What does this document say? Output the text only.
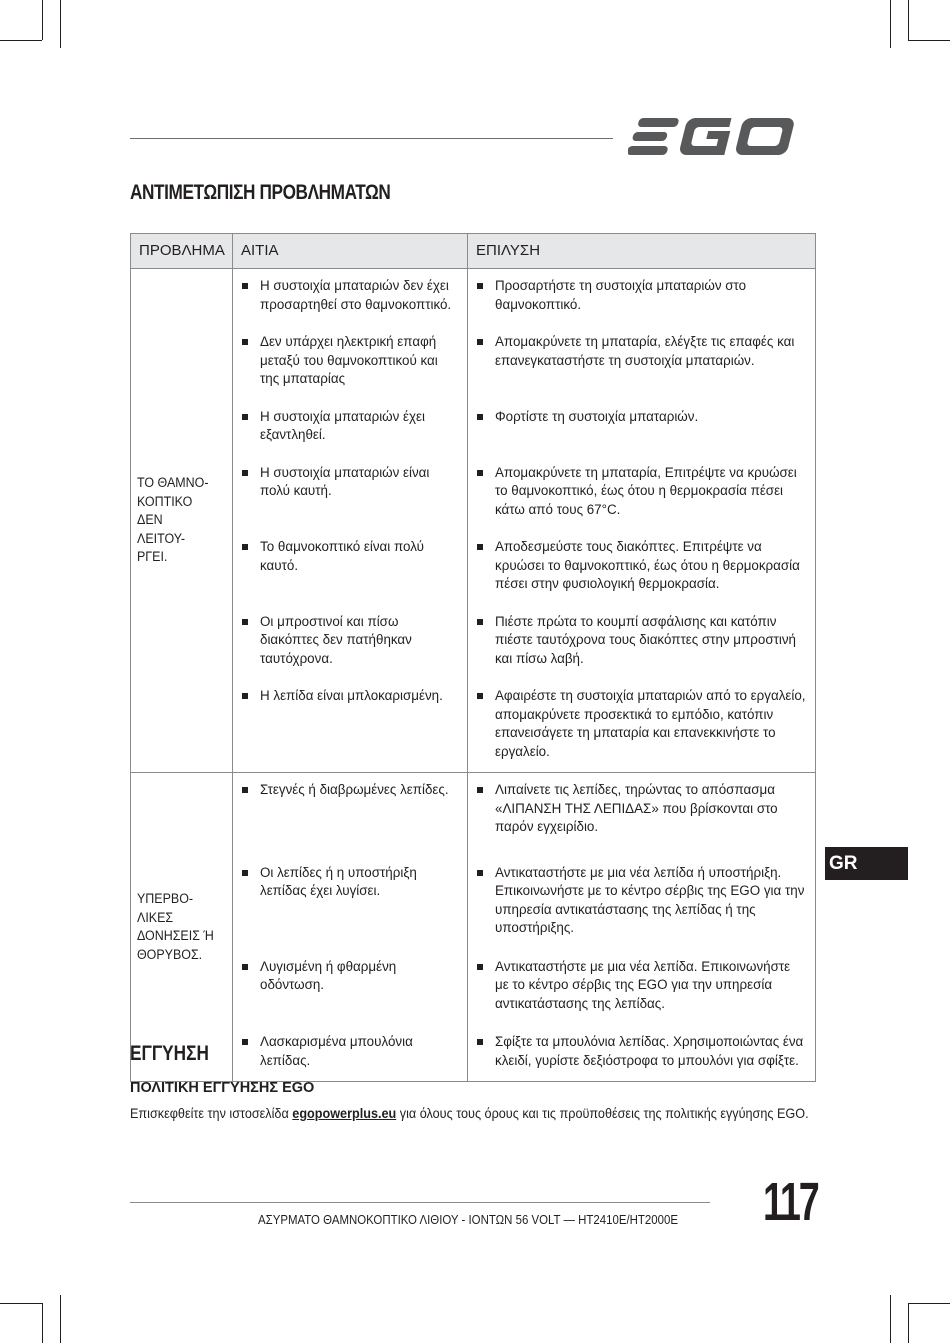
ΑΝΤΙΜΕΤΩΠΙΣΗ ΠΡΟΒΛΗΜΑΤΩΝ
ΠΡΟΒΛΗΜΑ	ΑΙΤΙΑ	ΕΠΙΛΥΣΗ

ΤΟ ΘΑΜΝΟ-
ΚΟΠΤΙΚΟ ΔΕΝ
ΛΕΙΤΟΥ-
ΡΓΕΙ.	Η συστοιχία μπαταριών δεν έχει προσαρτηθεί στο θαμνοκοπτικό.	Προσαρτήστε τη συστοιχία μπαταριών στο θαμνοκοπτικό.

	Δεν υπάρχει ηλεκτρική επαφή μεταξύ του θαμνοκοπτικού και της μπαταρίας	Απομακρύνετε τη μπαταρία, ελέγξτε τις επαφές και επανεγκαταστήστε τη συστοιχία μπαταριών.

	Η συστοιχία μπαταριών έχει εξαντληθεί.	Φορτίστε τη συστοιχία μπαταριών.

	Η συστοιχία μπαταριών είναι πολύ καυτή.	Απομακρύνετε τη μπαταρία, Επιτρέψτε να κρυώσει το θαμνοκοπτικό, έως ότου η θερμοκρασία πέσει κάτω από τους 67°C.

	Το θαμνοκοπτικό είναι πολύ καυτό.	Αποδεσμεύστε τους διακόπτες. Επιτρέψτε να κρυώσει το θαμνοκοπτικό, έως ότου η θερμοκρασία πέσει στην φυσιολογική θερμοκρασία.

	Οι μπροστινοί και πίσω διακόπτες δεν πατήθηκαν ταυτόχρονα.	Πιέστε πρώτα το κουμπί ασφάλισης και κατόπιν πιέστε ταυτόχρονα τους διακόπτες στην μπροστινή και πίσω λαβή.

	Η λεπίδα είναι μπλοκαρισμένη.	Αφαιρέστε τη συστοιχία μπαταριών από το εργαλείο, απομακρύνετε προσεκτικά το εμπόδιο, κατόπιν επανεισάγετε τη μπαταρία και επανεκκινήστε το εργαλείο.

ΥΠΕΡΒΟ-
ΛΙΚΕΣ
ΔΟΝΗΣΕΙΣ Ή
ΘΟΡΥΒΟΣ.	Στεγνές ή διαβρωμένες λεπίδες.	Λιπαίνετε τις λεπίδες, τηρώντας το απόσπασμα «ΛΙΠΑΝΣΗ ΤΗΣ ΛΕΠΙΔΑΣ» που βρίσκονται στο παρόν εγχειρίδιο.

	Οι λεπίδες ή η υποστήριξη λεπίδας έχει λυγίσει.	Αντικαταστήστε με μια νέα λεπίδα ή υποστήριξη. Επικοινωνήστε με το κέντρο σέρβις της EGO για την υπηρεσία αντικατάστασης της λεπίδας ή της υποστήριξης.

	Λυγισμένη ή φθαρμένη οδόντωση.	Αντικαταστήστε με μια νέα λεπίδα. Επικοινωνήστε με το κέντρο σέρβις της EGO για την υπηρεσία αντικατάστασης της λεπίδας.

	Λασκαρισμένα μπουλόνια λεπίδας.	Σφίξτε τα μπουλόνια λεπίδας. Χρησιμοποιώντας ένα κλειδί, γυρίστε δεξιόστροφα το μπουλόνι για σφίξτε.
GR
ΕΓΓΥΗΣΗ
ΠΟΛΙΤΙΚΗ ΕΓΓΥΗΣΗΣ EGO
Επισκεφθείτε την ιστοσελίδα egopowerplus.eu για όλους τους όρους και τις προϋποθέσεις της πολιτικής εγγύησης EGO.
ΑΣΥΡΜΑΤΟ ΘΑΜΝΟΚΟΠΤΙΚΟ ΛΙΘΙΟΥ - ΙΟΝΤΩΝ 56 VOLT — HT2410E/HT2000E 117
